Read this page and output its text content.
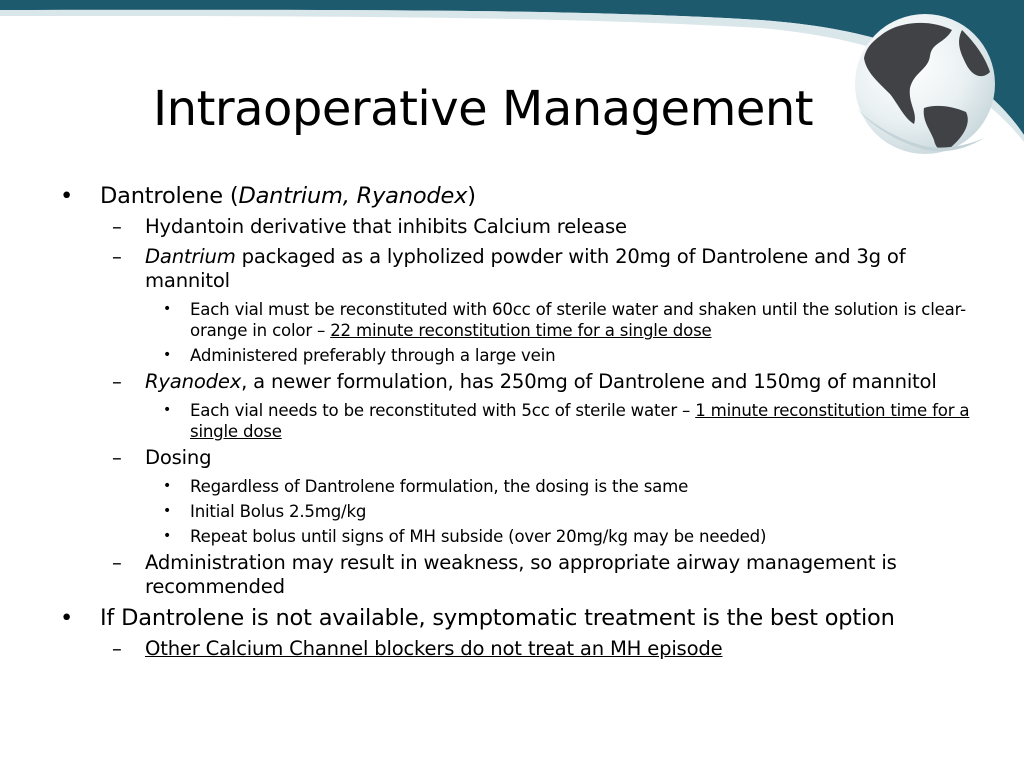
Intraoperative Management
• Dantrolene (Dantrium, Ryanodex)
– Hydantoin derivative that inhibits Calcium release
– Dantrium packaged as a lypholized powder with 20mg of Dantrolene and 3g of mannitol
• Each vial must be reconstituted with 60cc of sterile water and shaken until the solution is clear-orange in color – 22 minute reconstitution time for a single dose
• Administered preferably through a large vein
– Ryanodex, a newer formulation, has 250mg of Dantrolene and 150mg of mannitol
• Each vial needs to be reconstituted with 5cc of sterile water – 1 minute reconstitution time for a single dose
– Dosing
• Regardless of Dantrolene formulation, the dosing is the same
• Initial Bolus 2.5mg/kg
• Repeat bolus until signs of MH subside (over 20mg/kg may be needed)
– Administration may result in weakness, so appropriate airway management is recommended
• If Dantrolene is not available, symptomatic treatment is the best option
– Other Calcium Channel blockers do not treat an MH episode
